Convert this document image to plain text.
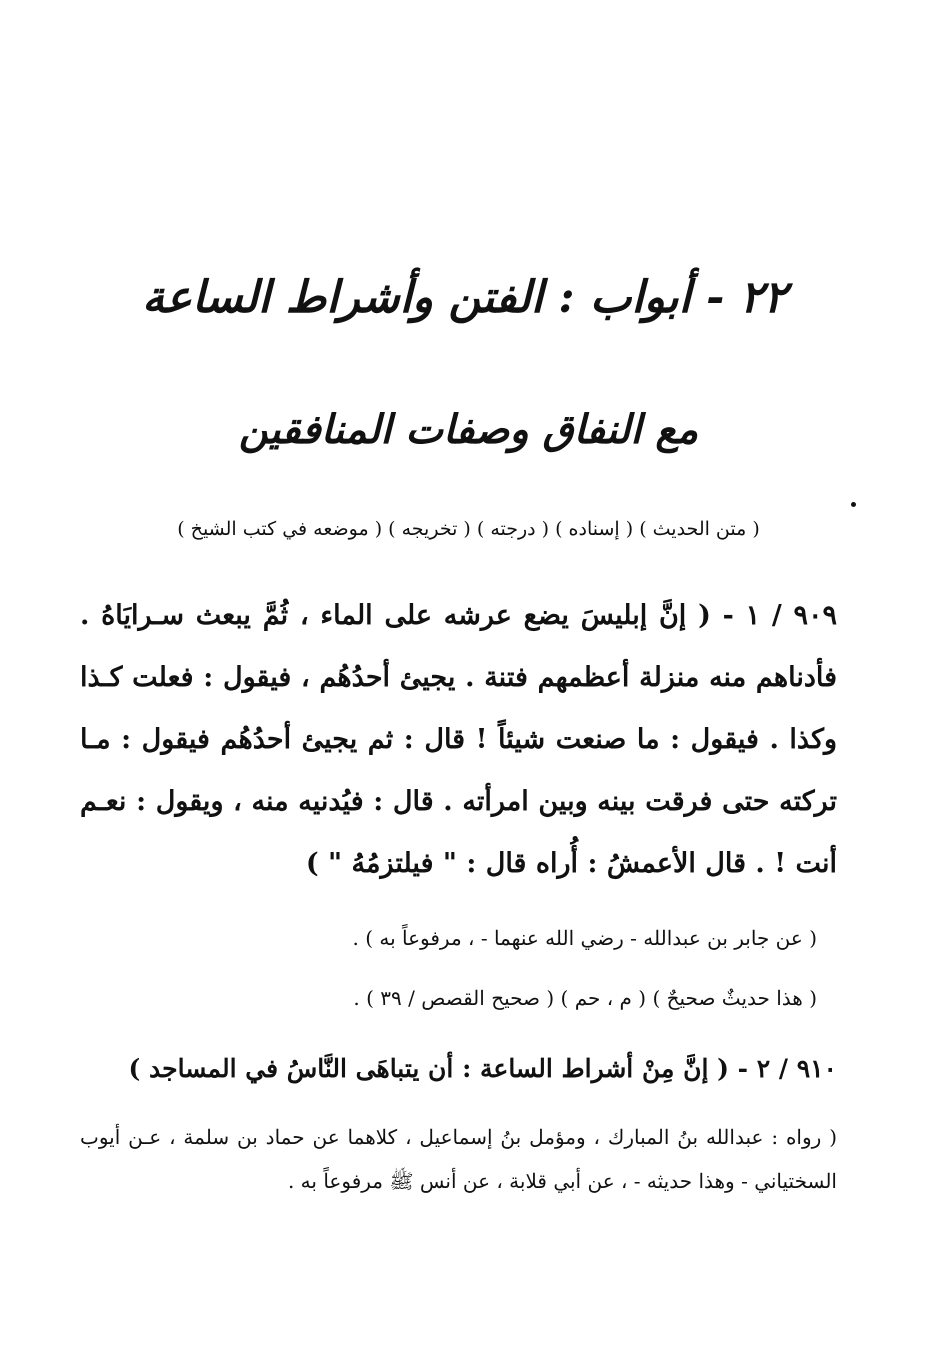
٢٢ - أبواب : الفتن وأشراط الساعة
مع النفاق وصفات المنافقين
( متن الحديث ) ( إسناده ) ( درجته ) ( تخريجه ) ( موضعه في كتب الشيخ )
٩٠٩ / ١ - ( إنَّ إبليسَ يضع عرشه على الماء ، ثُمَّ يبعث سـرايَاهُ . فأدناهم منه منزلة أعظمهم فتنة . يجيئ أحدُهُم ، فيقول : فعلت كـذا وكذا . فيقول : ما صنعت شيئاً ! قال : ثم يجيئ أحدُهُم فيقول : مـا تركته حتى فرقت بينه وبين امرأته . قال : فيُدنيه منه ، ويقول : نعـم أنت ! . قال الأعمشُ : أُراه قال : " فيلتزمُهُ " )
( عن جابر بن عبدالله - رضي الله عنهما - ، مرفوعاً به ) .
( هذا حديثٌ صحيحٌ ) ( م ، حم ) ( صحيح القصص / ٣٩ ) .
٩١٠ / ٢ - ( إنَّ مِنْ أشراط الساعة : أن يتباهَى النَّاسُ في المساجد )
( رواه : عبدالله بنُ المبارك ، ومؤمل بنُ إسماعيل ، كلاهما عن حماد بن سلمة ، عـن أيوب السختياني - وهذا حديثه - ، عن أبي قلابة ، عن أنس ﷺ مرفوعاً به .
